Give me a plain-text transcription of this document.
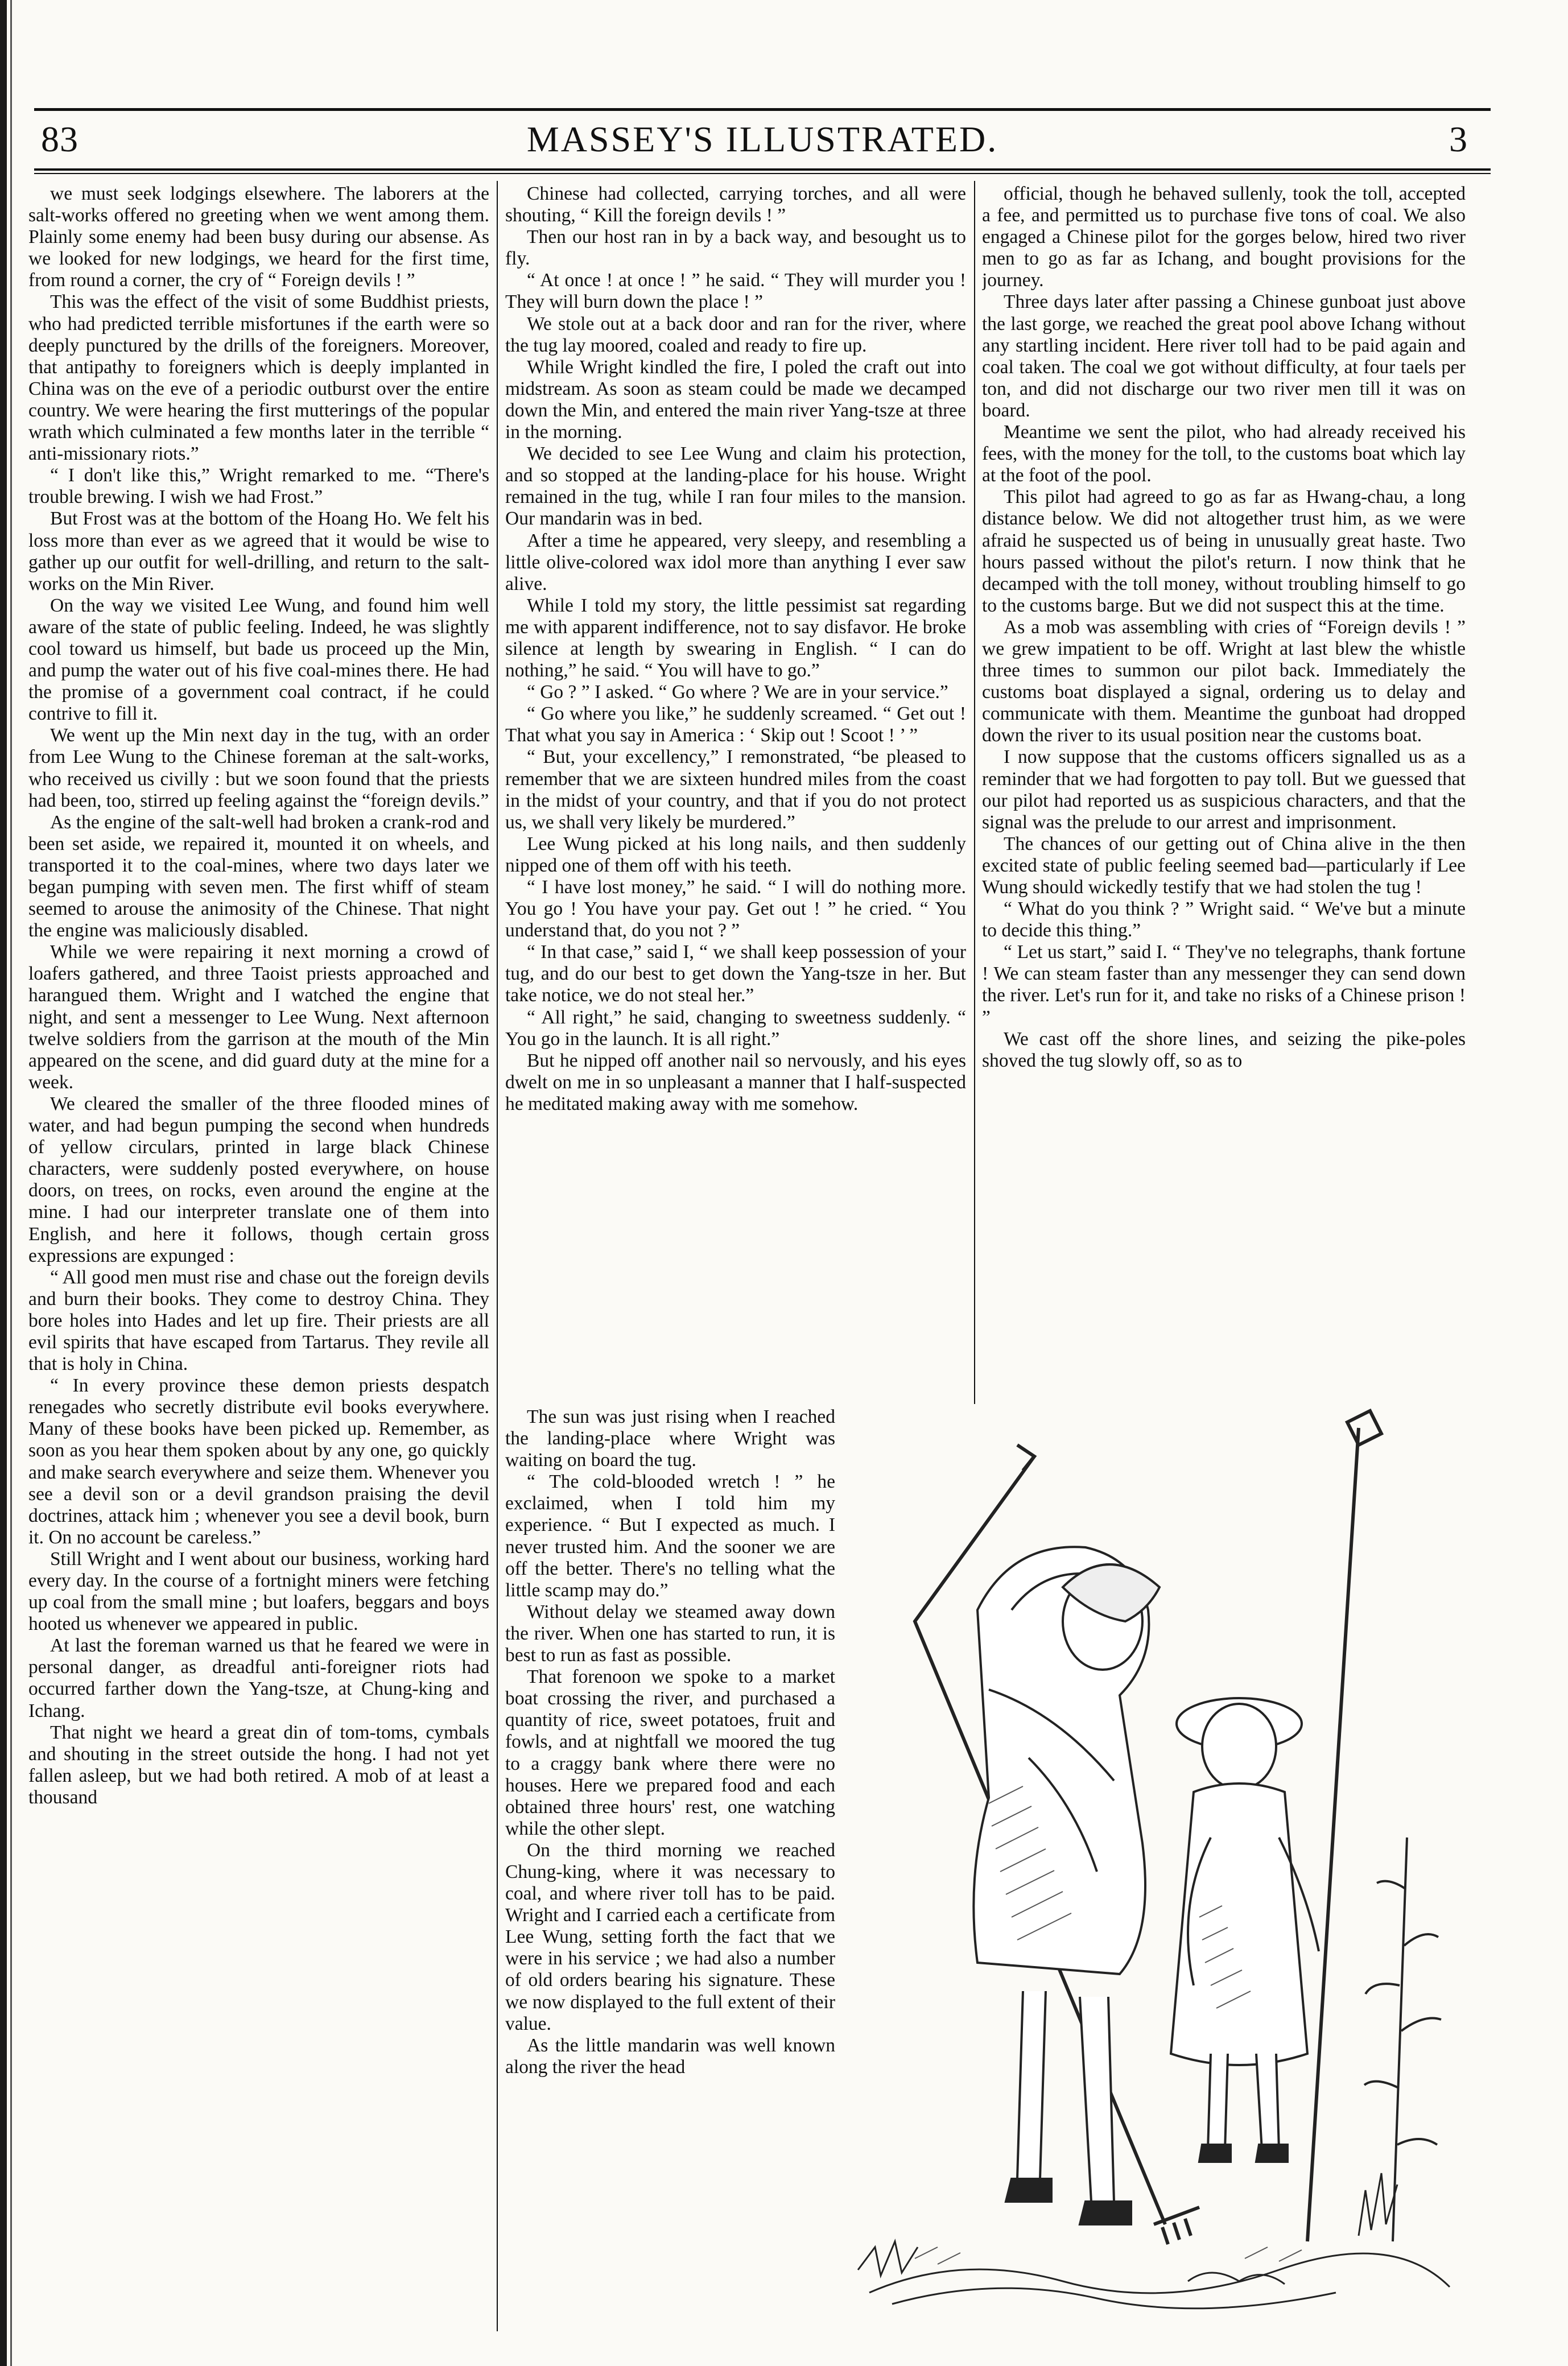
83	MASSEY'S ILLUSTRATED.	3

we must seek lodgings elsewhere. The laborers at the salt-works offered no greeting when we went among them. Plainly some enemy had been busy during our absense. As we looked for new lodgings, we heard for the first time, from round a corner, the cry of “ Foreign devils ! ”

This was the effect of the visit of some Buddhist priests, who had predicted terrible misfortunes if the earth were so deeply punctured by the drills of the foreigners. Moreover, that antipathy to foreigners which is deeply implanted in China was on the eve of a periodic outburst over the entire country. We were hearing the first mutterings of the popular wrath which culminated a few months later in the terrible “ anti-missionary riots.”

“ I don't like this,” Wright remarked to me. “There's trouble brewing. I wish we had Frost.”

But Frost was at the bottom of the Hoang Ho. We felt his loss more than ever as we agreed that it would be wise to gather up our outfit for well-drilling, and return to the salt-works on the Min River.

On the way we visited Lee Wung, and found him well aware of the state of public feeling. Indeed, he was slightly cool toward us himself, but bade us proceed up the Min, and pump the water out of his five coal-mines there. He had the promise of a government coal contract, if he could contrive to fill it.

We went up the Min next day in the tug, with an order from Lee Wung to the Chinese foreman at the salt-works, who received us civilly : but we soon found that the priests had been, too, stirred up feeling against the “foreign devils.”

As the engine of the salt-well had broken a crank-rod and been set aside, we repaired it, mounted it on wheels, and transported it to the coal-mines, where two days later we began pumping with seven men. The first whiff of steam seemed to arouse the animosity of the Chinese. That night the engine was maliciously disabled.

While we were repairing it next morning a crowd of loafers gathered, and three Taoist priests approached and harangued them. Wright and I watched the engine that night, and sent a messenger to Lee Wung. Next afternoon twelve soldiers from the garrison at the mouth of the Min appeared on the scene, and did guard duty at the mine for a week.

We cleared the smaller of the three flooded mines of water, and had begun pumping the second when hundreds of yellow circulars, printed in large black Chinese characters, were suddenly posted everywhere, on house doors, on trees, on rocks, even around the engine at the mine. I had our interpreter translate one of them into English, and here it follows, though certain gross expressions are expunged :

“ All good men must rise and chase out the foreign devils and burn their books. They come to destroy China. They bore holes into Hades and let up fire. Their priests are all evil spirits that have escaped from Tartarus. They revile all that is holy in China.

“ In every province these demon priests despatch renegades who secretly distribute evil books everywhere. Many of these books have been picked up. Remember, as soon as you hear them spoken about by any one, go quickly and make search everywhere and seize them. Whenever you see a devil son or a devil grandson praising the devil doctrines, attack him ; whenever you see a devil book, burn it. On no account be careless.”

Still Wright and I went about our business, working hard every day. In the course of a fortnight miners were fetching up coal from the small mine ; but loafers, beggars and boys hooted us whenever we appeared in public.

At last the foreman warned us that he feared we were in personal danger, as dreadful anti-foreigner riots had occurred farther down the Yang-tsze, at Chung-king and Ichang.

That night we heard a great din of tom-toms, cymbals and shouting in the street outside the hong. I had not yet fallen asleep, but we had both retired. A mob of at least a thousand

Chinese had collected, carrying torches, and all were shouting, “ Kill the foreign devils ! ”

Then our host ran in by a back way, and besought us to fly.

“ At once ! at once ! ” he said. “ They will murder you ! They will burn down the place ! ”

We stole out at a back door and ran for the river, where the tug lay moored, coaled and ready to fire up.

While Wright kindled the fire, I poled the craft out into midstream. As soon as steam could be made we decamped down the Min, and entered the main river Yang-tsze at three in the morning.

We decided to see Lee Wung and claim his protection, and so stopped at the landing-place for his house. Wright remained in the tug, while I ran four miles to the mansion. Our mandarin was in bed.

After a time he appeared, very sleepy, and resembling a little olive-colored wax idol more than anything I ever saw alive.

While I told my story, the little pessimist sat regarding me with apparent indifference, not to say disfavor. He broke silence at length by swearing in English. “ I can do nothing,” he said. “ You will have to go.”

“ Go ? ” I asked. “ Go where ? We are in your service.”

“ Go where you like,” he suddenly screamed. “ Get out ! That what you say in America : ‘ Skip out ! Scoot ! ’ ”

“ But, your excellency,” I remonstrated, “be pleased to remember that we are sixteen hundred miles from the coast in the midst of your country, and that if you do not protect us, we shall very likely be murdered.”

Lee Wung picked at his long nails, and then suddenly nipped one of them off with his teeth.

“ I have lost money,” he said. “ I will do nothing more. You go ! You have your pay. Get out ! ” he cried. “ You understand that, do you not ? ”

“ In that case,” said I, “ we shall keep possession of your tug, and do our best to get down the Yang-tsze in her. But take notice, we do not steal her.”

“ All right,” he said, changing to sweetness suddenly. “ You go in the launch. It is all right.”

But he nipped off another nail so nervously, and his eyes dwelt on me in so unpleasant a manner that I half-suspected he meditated making away with me somehow.

The sun was just rising when I reached the landing-place where Wright was waiting on board the tug.

“ The cold-blooded wretch ! ” he exclaimed, when I told him my experience. “ But I expected as much. I never trusted him. And the sooner we are off the better. There's no telling what the little scamp may do.”

Without delay we steamed away down the river. When one has started to run, it is best to run as fast as possible.

That forenoon we spoke to a market boat crossing the river, and purchased a quantity of rice, sweet potatoes, fruit and fowls, and at nightfall we moored the tug to a craggy bank where there were no houses. Here we prepared food and each obtained three hours' rest, one watching while the other slept.

On the third morning we reached Chung-king, where it was necessary to coal, and where river toll has to be paid. Wright and I carried each a certificate from Lee Wung, setting forth the fact that we were in his service ; we had also a number of old orders bearing his signature. These we now displayed to the full extent of their value.

As the little mandarin was well known along the river the head

official, though he behaved sullenly, took the toll, accepted a fee, and permitted us to purchase five tons of coal. We also engaged a Chinese pilot for the gorges below, hired two river men to go as far as Ichang, and bought provisions for the journey.

Three days later after passing a Chinese gunboat just above the last gorge, we reached the great pool above Ichang without any startling incident. Here river toll had to be paid again and coal taken. The coal we got without difficulty, at four taels per ton, and did not discharge our two river men till it was on board.

Meantime we sent the pilot, who had already received his fees, with the money for the toll, to the customs boat which lay at the foot of the pool.

This pilot had agreed to go as far as Hwang-chau, a long distance below. We did not altogether trust him, as we were afraid he suspected us of being in unusually great haste. Two hours passed without the pilot's return. I now think that he decamped with the toll money, without troubling himself to go to the customs barge. But we did not suspect this at the time.

As a mob was assembling with cries of “Foreign devils ! ” we grew impatient to be off. Wright at last blew the whistle three times to summon our pilot back. Immediately the customs boat displayed a signal, ordering us to delay and communicate with them. Meantime the gunboat had dropped down the river to its usual position near the customs boat.

I now suppose that the customs officers signalled us as a reminder that we had forgotten to pay toll. But we guessed that our pilot had reported us as suspicious characters, and that the signal was the prelude to our arrest and imprisonment.

The chances of our getting out of China alive in the then excited state of public feeling seemed bad—particularly if Lee Wung should wickedly testify that we had stolen the tug !

“ What do you think ? ” Wright said. “ We've but a minute to decide this thing.”

“ Let us start,” said I. “ They've no telegraphs, thank fortune ! We can steam faster than any messenger they can send down the river. Let's run for it, and take no risks of a Chinese prison ! ”

We cast off the shore lines, and seizing the pike-poles shoved the tug slowly off, so as to
